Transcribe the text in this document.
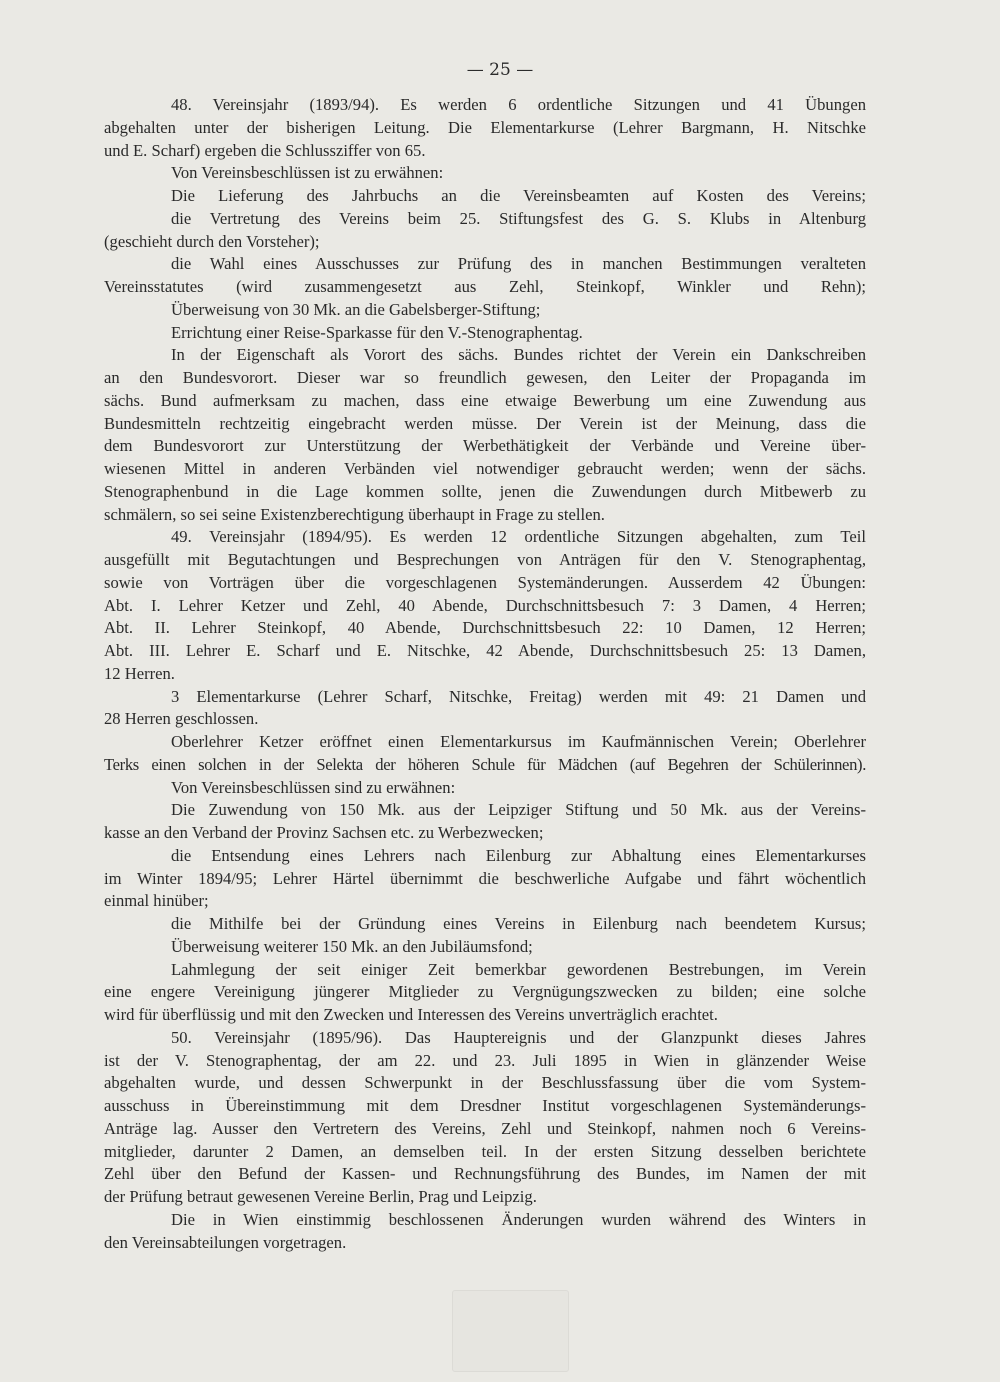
— 25 —
48. Vereinsjahr (1893/94). Es werden 6 ordentliche Sitzungen und 41 Übungen
abgehalten unter der bisherigen Leitung. Die Elementarkurse (Lehrer Bargmann, H. Nitschke
und E. Scharf) ergeben die Schlussziffer von 65.
Von Vereinsbeschlüssen ist zu erwähnen:
Die Lieferung des Jahrbuchs an die Vereinsbeamten auf Kosten des Vereins;
die Vertretung des Vereins beim 25. Stiftungsfest des G. S. Klubs in Altenburg
(geschieht durch den Vorsteher);
die Wahl eines Ausschusses zur Prüfung des in manchen Bestimmungen veralteten
Vereinsstatutes (wird zusammengesetzt aus Zehl, Steinkopf, Winkler und Rehn);
Überweisung von 30 Mk. an die Gabelsberger-Stiftung;
Errichtung einer Reise-Sparkasse für den V.-Stenographentag.
In der Eigenschaft als Vorort des sächs. Bundes richtet der Verein ein Dankschreiben
an den Bundesvorort. Dieser war so freundlich gewesen, den Leiter der Propaganda im
sächs. Bund aufmerksam zu machen, dass eine etwaige Bewerbung um eine Zuwendung aus
Bundesmitteln rechtzeitig eingebracht werden müsse. Der Verein ist der Meinung, dass die
dem Bundesvorort zur Unterstützung der Werbethätigkeit der Verbände und Vereine über-
wiesenen Mittel in anderen Verbänden viel notwendiger gebraucht werden; wenn der sächs.
Stenographenbund in die Lage kommen sollte, jenen die Zuwendungen durch Mitbewerb zu
schmälern, so sei seine Existenzberechtigung überhaupt in Frage zu stellen.
49. Vereinsjahr (1894/95). Es werden 12 ordentliche Sitzungen abgehalten, zum Teil
ausgefüllt mit Begutachtungen und Besprechungen von Anträgen für den V. Stenographentag,
sowie von Vorträgen über die vorgeschlagenen Systemänderungen. Ausserdem 42 Übungen:
Abt. I. Lehrer Ketzer und Zehl, 40 Abende, Durchschnittsbesuch 7: 3 Damen, 4 Herren;
Abt. II. Lehrer Steinkopf, 40 Abende, Durchschnittsbesuch 22: 10 Damen, 12 Herren;
Abt. III. Lehrer E. Scharf und E. Nitschke, 42 Abende, Durchschnittsbesuch 25: 13 Damen,
12 Herren.
3 Elementarkurse (Lehrer Scharf, Nitschke, Freitag) werden mit 49: 21 Damen und
28 Herren geschlossen.
Oberlehrer Ketzer eröffnet einen Elementarkursus im Kaufmännischen Verein; Oberlehrer
Terks einen solchen in der Selekta der höheren Schule für Mädchen (auf Begehren der Schülerinnen).
Von Vereinsbeschlüssen sind zu erwähnen:
Die Zuwendung von 150 Mk. aus der Leipziger Stiftung und 50 Mk. aus der Vereins-
kasse an den Verband der Provinz Sachsen etc. zu Werbezwecken;
die Entsendung eines Lehrers nach Eilenburg zur Abhaltung eines Elementarkurses
im Winter 1894/95; Lehrer Härtel übernimmt die beschwerliche Aufgabe und fährt wöchentlich
einmal hinüber;
die Mithilfe bei der Gründung eines Vereins in Eilenburg nach beendetem Kursus;
Überweisung weiterer 150 Mk. an den Jubiläumsfond;
Lahmlegung der seit einiger Zeit bemerkbar gewordenen Bestrebungen, im Verein
eine engere Vereinigung jüngerer Mitglieder zu Vergnügungszwecken zu bilden; eine solche
wird für überflüssig und mit den Zwecken und Interessen des Vereins unverträglich erachtet.
50. Vereinsjahr (1895/96). Das Hauptereignis und der Glanzpunkt dieses Jahres
ist der V. Stenographentag, der am 22. und 23. Juli 1895 in Wien in glänzender Weise
abgehalten wurde, und dessen Schwerpunkt in der Beschlussfassung über die vom System-
ausschuss in Übereinstimmung mit dem Dresdner Institut vorgeschlagenen Systemänderungs-
Anträge lag. Ausser den Vertretern des Vereins, Zehl und Steinkopf, nahmen noch 6 Vereins-
mitglieder, darunter 2 Damen, an demselben teil. In der ersten Sitzung desselben berichtete
Zehl über den Befund der Kassen- und Rechnungsführung des Bundes, im Namen der mit
der Prüfung betraut gewesenen Vereine Berlin, Prag und Leipzig.
Die in Wien einstimmig beschlossenen Änderungen wurden während des Winters in
den Vereinsabteilungen vorgetragen.
